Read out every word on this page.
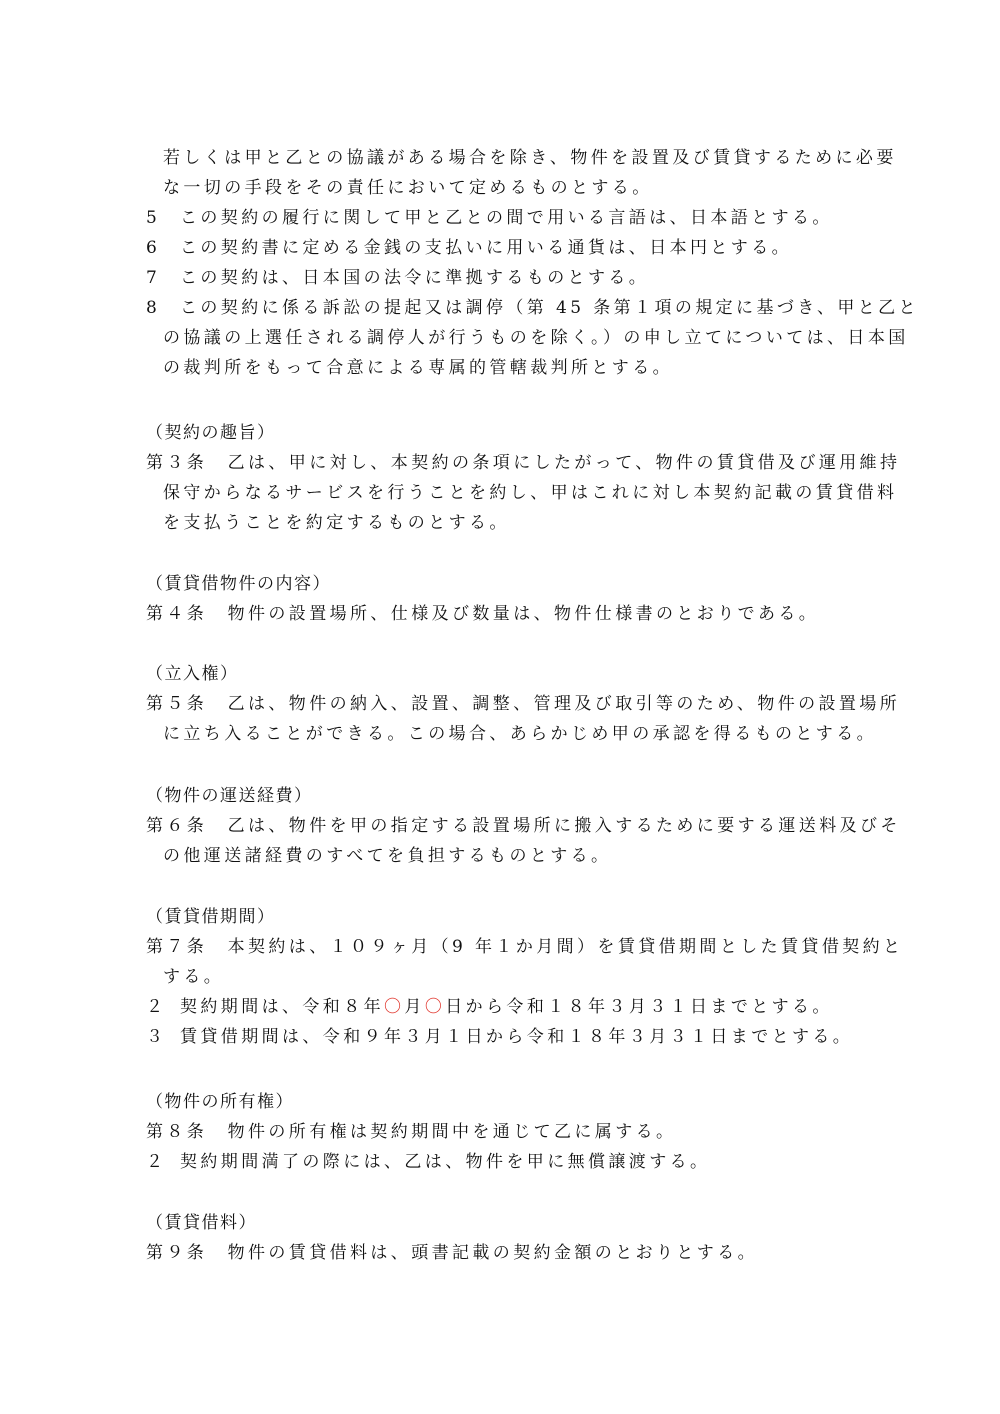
若しくは甲と乙との協議がある場合を除き、物件を設置及び賃貸するために必要
な一切の手段をその責任において定めるものとする。
5 この契約の履行に関して甲と乙との間で用いる言語は、日本語とする。
6 この契約書に定める金銭の支払いに用いる通貨は、日本円とする。
7 この契約は、日本国の法令に準拠するものとする。
8 この契約に係る訴訟の提起又は調停（第 45 条第１項の規定に基づき、甲と乙と
の協議の上選任される調停人が行うものを除く。）の申し立てについては、日本国
の裁判所をもって合意による専属的管轄裁判所とする。
（契約の趣旨）
第３条　乙は、甲に対し、本契約の条項にしたがって、物件の賃貸借及び運用維持
保守からなるサービスを行うことを約し、甲はこれに対し本契約記載の賃貸借料
を支払うことを約定するものとする。
（賃貸借物件の内容）
第４条　物件の設置場所、仕様及び数量は、物件仕様書のとおりである。
（立入権）
第５条　乙は、物件の納入、設置、調整、管理及び取引等のため、物件の設置場所
に立ち入ることができる。この場合、あらかじめ甲の承認を得るものとする。
（物件の運送経費）
第６条　乙は、物件を甲の指定する設置場所に搬入するために要する運送料及びそ
の他運送諸経費のすべてを負担するものとする。
（賃貸借期間）
第７条　本契約は、１０９ヶ月（9 年１か月間）を賃貸借期間とした賃貸借契約と
する。
２ 契約期間は、令和８年〇月〇日から令和１８年３月３１日までとする。
３ 賃貸借期間は、令和９年３月１日から令和１８年３月３１日までとする。
（物件の所有権）
第８条　物件の所有権は契約期間中を通じて乙に属する。
２ 契約期間満了の際には、乙は、物件を甲に無償譲渡する。
（賃貸借料）
第９条　物件の賃貸借料は、頭書記載の契約金額のとおりとする。
